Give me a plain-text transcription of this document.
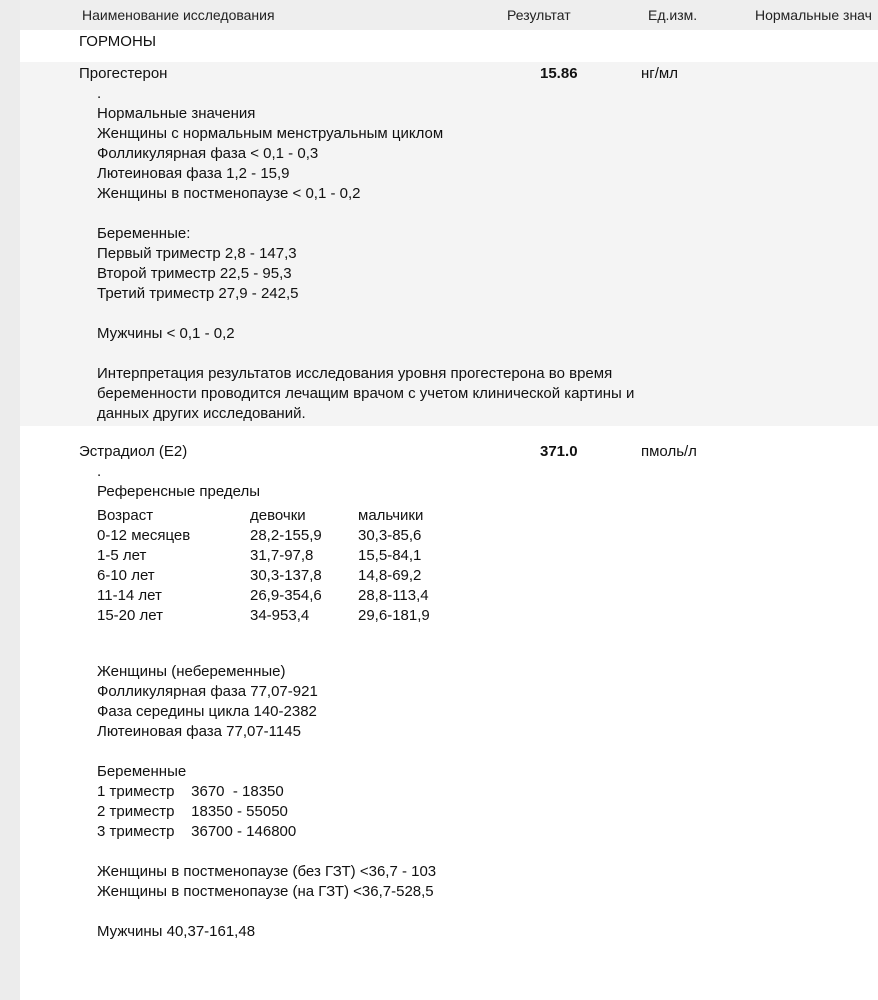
Наименование исследования	Результат	Ед.изм.	Нормальные знач
ГОРМОНЫ
Прогестерон	15.86	нг/мл
.
Нормальные значения
Женщины с нормальным менструальным циклом
Фолликулярная фаза < 0,1 - 0,3
Лютеиновая фаза 1,2 - 15,9
Женщины в постменопаузе < 0,1 - 0,2

Беременные:
Первый триместр 2,8 - 147,3
Второй триместр 22,5 - 95,3
Третий триместр 27,9 - 242,5

Мужчины < 0,1 - 0,2

Интерпретация результатов исследования уровня прогестерона во время
беременности проводится лечащим врачом с учетом клинической картины и
данных других исследований.
Эстрадиол (E2)	371.0	пмоль/л
.
Референсные пределы
Возраст	девочки	мальчики
0-12 месяцев	28,2-155,9 30,3-85,6
1-5 лет	31,7-97,8	15,5-84,1
6-10 лет	30,3-137,8 14,8-69,2
11-14 лет	26,9-354,6 28,8-113,4
15-20 лет	34-953,4	29,6-181,9
Женщины (небеременные)
Фолликулярная фаза 77,07-921
Фаза середины цикла 140-2382
Лютеиновая фаза 77,07-1145

Беременные
1 триместр    3670  - 18350
2 триместр    18350 - 55050
3 триместр    36700 - 146800

Женщины в постменопаузе (без ГЗТ) <36,7 - 103
Женщины в постменопаузе (на ГЗТ) <36,7-528,5

Мужчины 40,37-161,48
